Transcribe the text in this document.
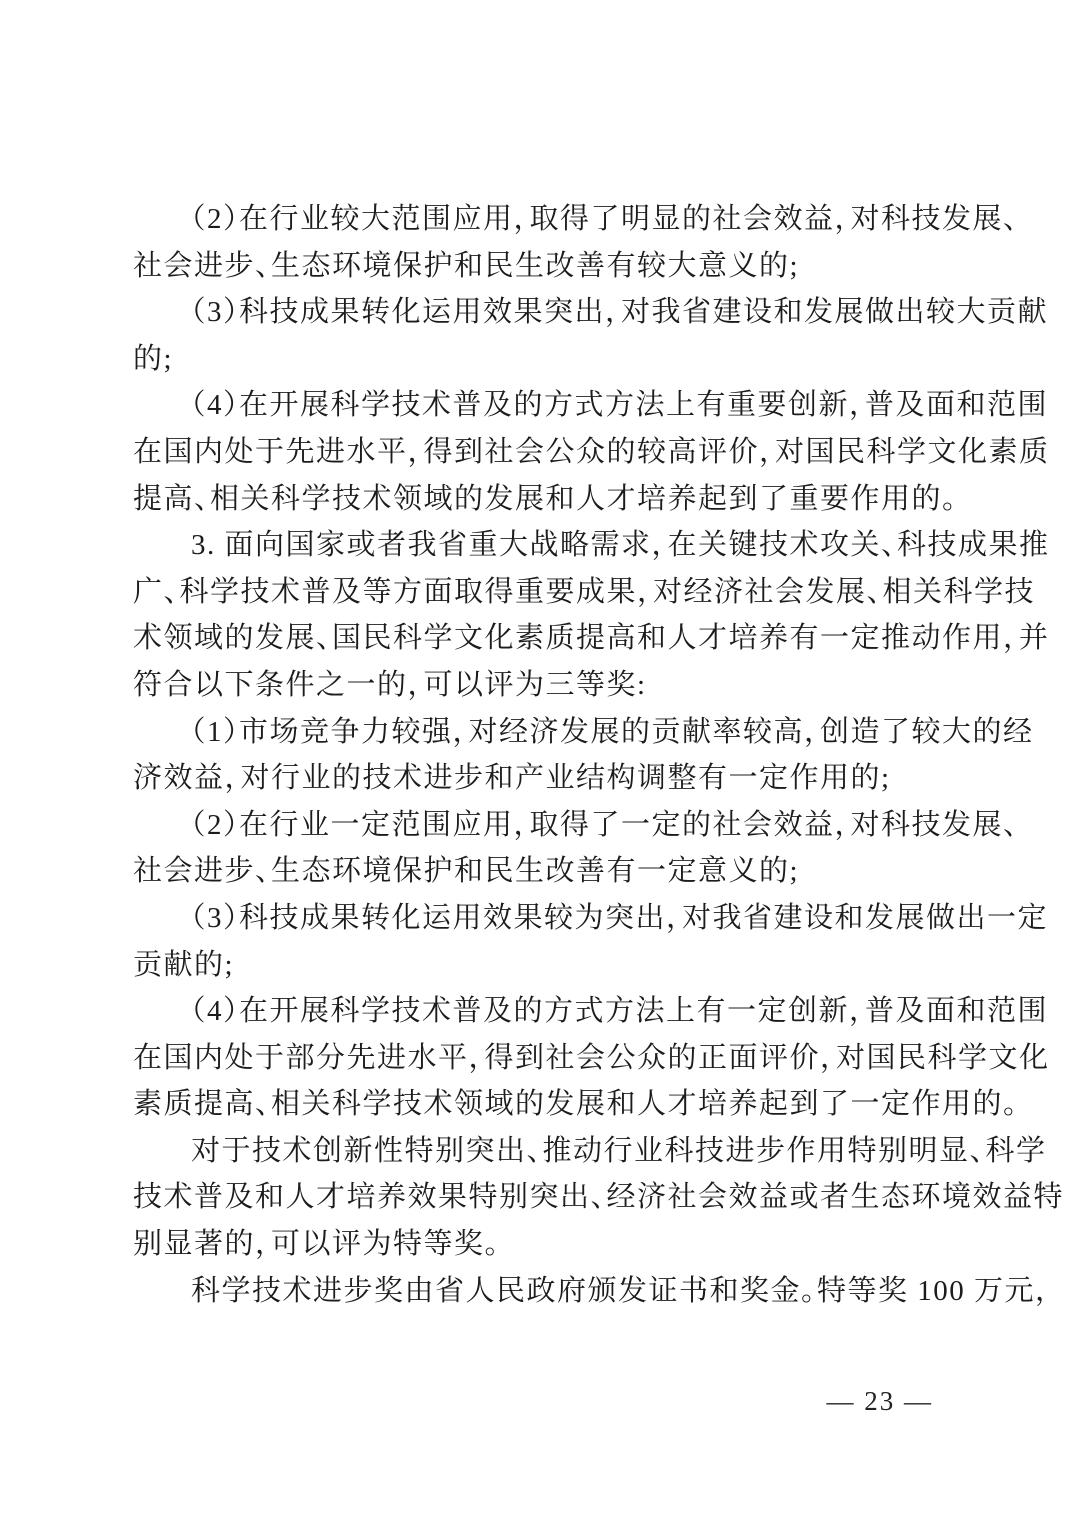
（2）在行业较大范围应用，取得了明显的社会效益，对科技发展、
社会进步、生态环境保护和民生改善有较大意义的;
（3）科技成果转化运用效果突出，对我省建设和发展做出较大贡献
的;
（4）在开展科学技术普及的方式方法上有重要创新，普及面和范围
在国内处于先进水平，得到社会公众的较高评价，对国民科学文化素质
提高、相关科学技术领域的发展和人才培养起到了重要作用的。
3. 面向国家或者我省重大战略需求，在关键技术攻关、科技成果推
广、科学技术普及等方面取得重要成果，对经济社会发展、相关科学技
术领域的发展、国民科学文化素质提高和人才培养有一定推动作用，并
符合以下条件之一的，可以评为三等奖:
（1）市场竞争力较强，对经济发展的贡献率较高，创造了较大的经
济效益，对行业的技术进步和产业结构调整有一定作用的;
（2）在行业一定范围应用，取得了一定的社会效益，对科技发展、
社会进步、生态环境保护和民生改善有一定意义的;
（3）科技成果转化运用效果较为突出，对我省建设和发展做出一定
贡献的;
（4）在开展科学技术普及的方式方法上有一定创新，普及面和范围
在国内处于部分先进水平，得到社会公众的正面评价，对国民科学文化
素质提高、相关科学技术领域的发展和人才培养起到了一定作用的。
对于技术创新性特别突出、推动行业科技进步作用特别明显、科学
技术普及和人才培养效果特别突出、经济社会效益或者生态环境效益特
别显著的，可以评为特等奖。
科学技术进步奖由省人民政府颁发证书和奖金。特等奖 100 万元，
— 23 —
